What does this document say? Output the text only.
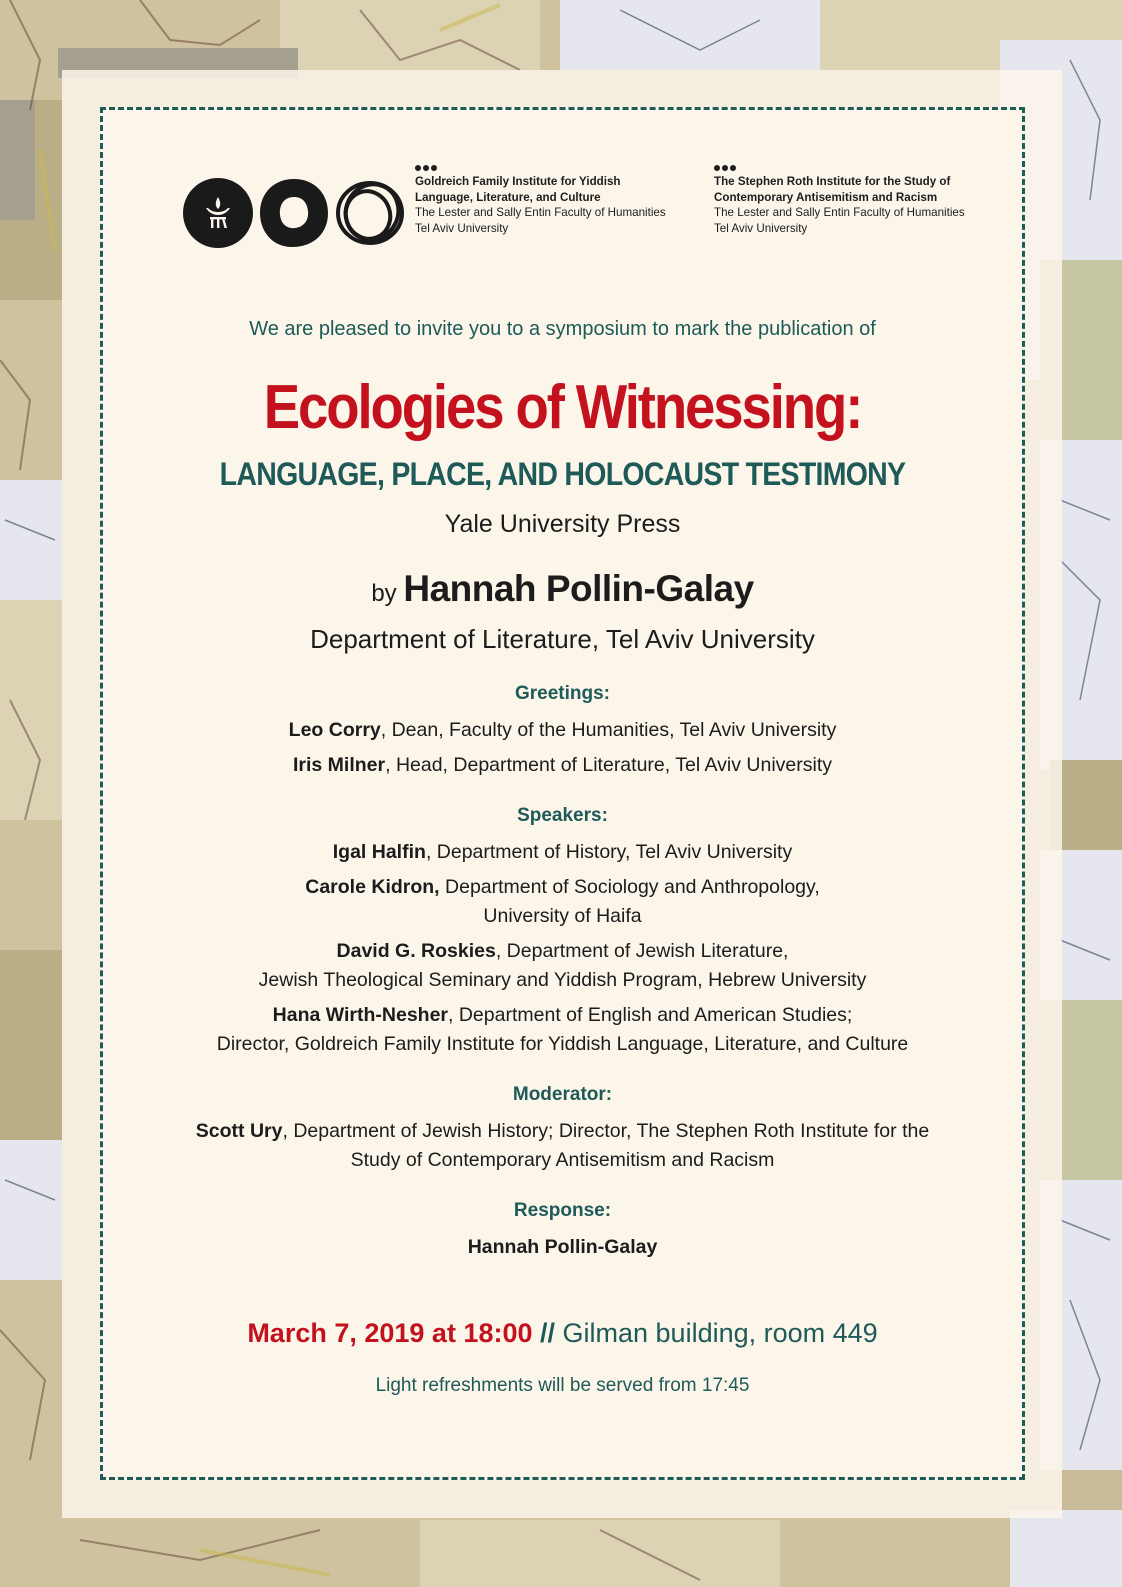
Goldreich Family Institute for Yiddish
Language, Literature, and Culture
The Lester and Sally Entin Faculty of Humanities
Tel Aviv University
The Stephen Roth Institute for the Study of
Contemporary Antisemitism and Racism
The Lester and Sally Entin Faculty of Humanities
Tel Aviv University
We are pleased to invite you to a symposium to mark the publication of
Ecologies of Witnessing:
LANGUAGE, PLACE, AND HOLOCAUST TESTIMONY
Yale University Press
by Hannah Pollin-Galay
Department of Literature, Tel Aviv University
Greetings:
Leo Corry, Dean, Faculty of the Humanities, Tel Aviv University
Iris Milner, Head, Department of Literature, Tel Aviv University
Speakers:
Igal Halfin, Department of History, Tel Aviv University
Carole Kidron, Department of Sociology and Anthropology,
University of Haifa
David G. Roskies, Department of Jewish Literature,
Jewish Theological Seminary and Yiddish Program, Hebrew University
Hana Wirth-Nesher, Department of English and American Studies;
Director, Goldreich Family Institute for Yiddish Language, Literature, and Culture
Moderator:
Scott Ury, Department of Jewish History; Director, The Stephen Roth Institute for the
Study of Contemporary Antisemitism and Racism
Response:
Hannah Pollin-Galay
March 7, 2019 at 18:00 // Gilman building, room 449
Light refreshments will be served from 17:45
